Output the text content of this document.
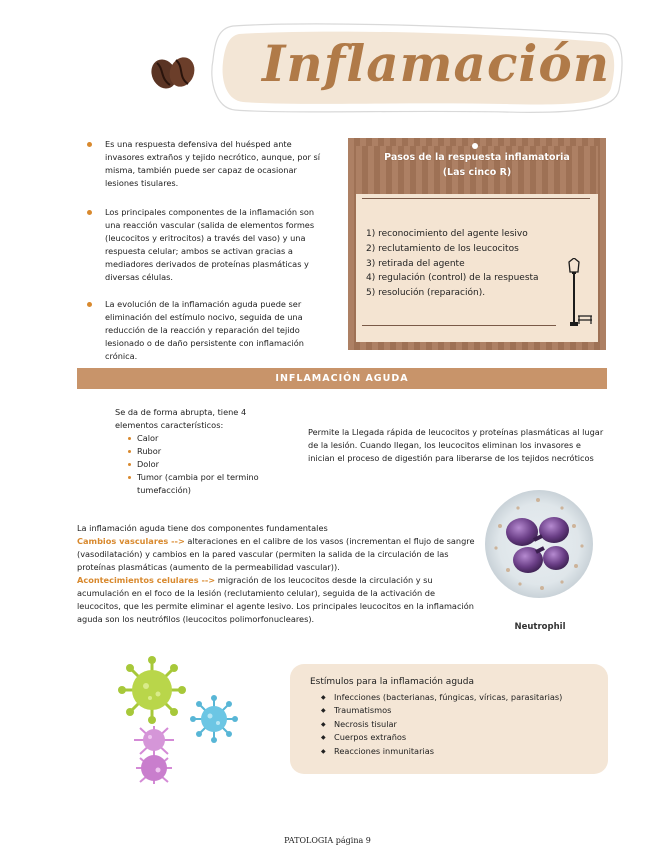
Inflamación
Es una respuesta defensiva del huésped ante invasores extraños y tejido necrótico, aunque, por sí misma, también puede ser capaz de ocasionar lesiones tisulares.
Los principales componentes de la inflamación son una reacción vascular (salida de elementos formes (leucocitos y eritrocitos) a través del vaso) y una respuesta celular; ambos se activan gracias a mediadores derivados de proteínas plasmáticas y diversas células.
La evolución de la inflamación aguda puede ser eliminación del estímulo nocivo, seguida de una reducción de la reacción y reparación del tejido lesionado o de daño persistente con inflamación crónica.
Pasos de la respuesta inflamatoria
(Las cinco R)
1) reconocimiento del agente lesivo
2) reclutamiento de los leucocitos
3) retirada del agente
4) regulación (control) de la respuesta
5) resolución (reparación).
INFLAMACIÓN AGUDA
Se da de forma abrupta, tiene 4
elementos característicos:
Calor
Rubor
Dolor
Tumor (cambia por el termino tumefacción)
Permite la Llegada rápida de leucocitos y proteínas plasmáticas al lugar de la lesión. Cuando llegan, los leucocitos eliminan los invasores e inician el proceso de digestión para liberarse de los tejidos necróticos
La inflamación aguda tiene dos componentes fundamentales
Cambios vasculares --> alteraciones en el calibre de los vasos (incrementan el flujo de sangre (vasodilatación) y cambios en la pared vascular (permiten la salida de la circulación de las proteínas plasmáticas (aumento de la permeabilidad vascular)).
Acontecimientos celulares --> migración de los leucocitos desde la circulación y su acumulación en el foco de la lesión (reclutamiento celular), seguida de la activación de leucocitos, que les permite eliminar el agente lesivo. Los principales leucocitos en la inflamación aguda son los neutrófilos (leucocitos polimorfonucleares).
Neutrophil
Estímulos para la inflamación aguda
◆ Infecciones (bacterianas, fúngicas, víricas, parasitarias)
◆ Traumatismos
◆ Necrosis tisular
◆ Cuerpos extraños
◆ Reacciones inmunitarias
PATOLOGIA página 9
